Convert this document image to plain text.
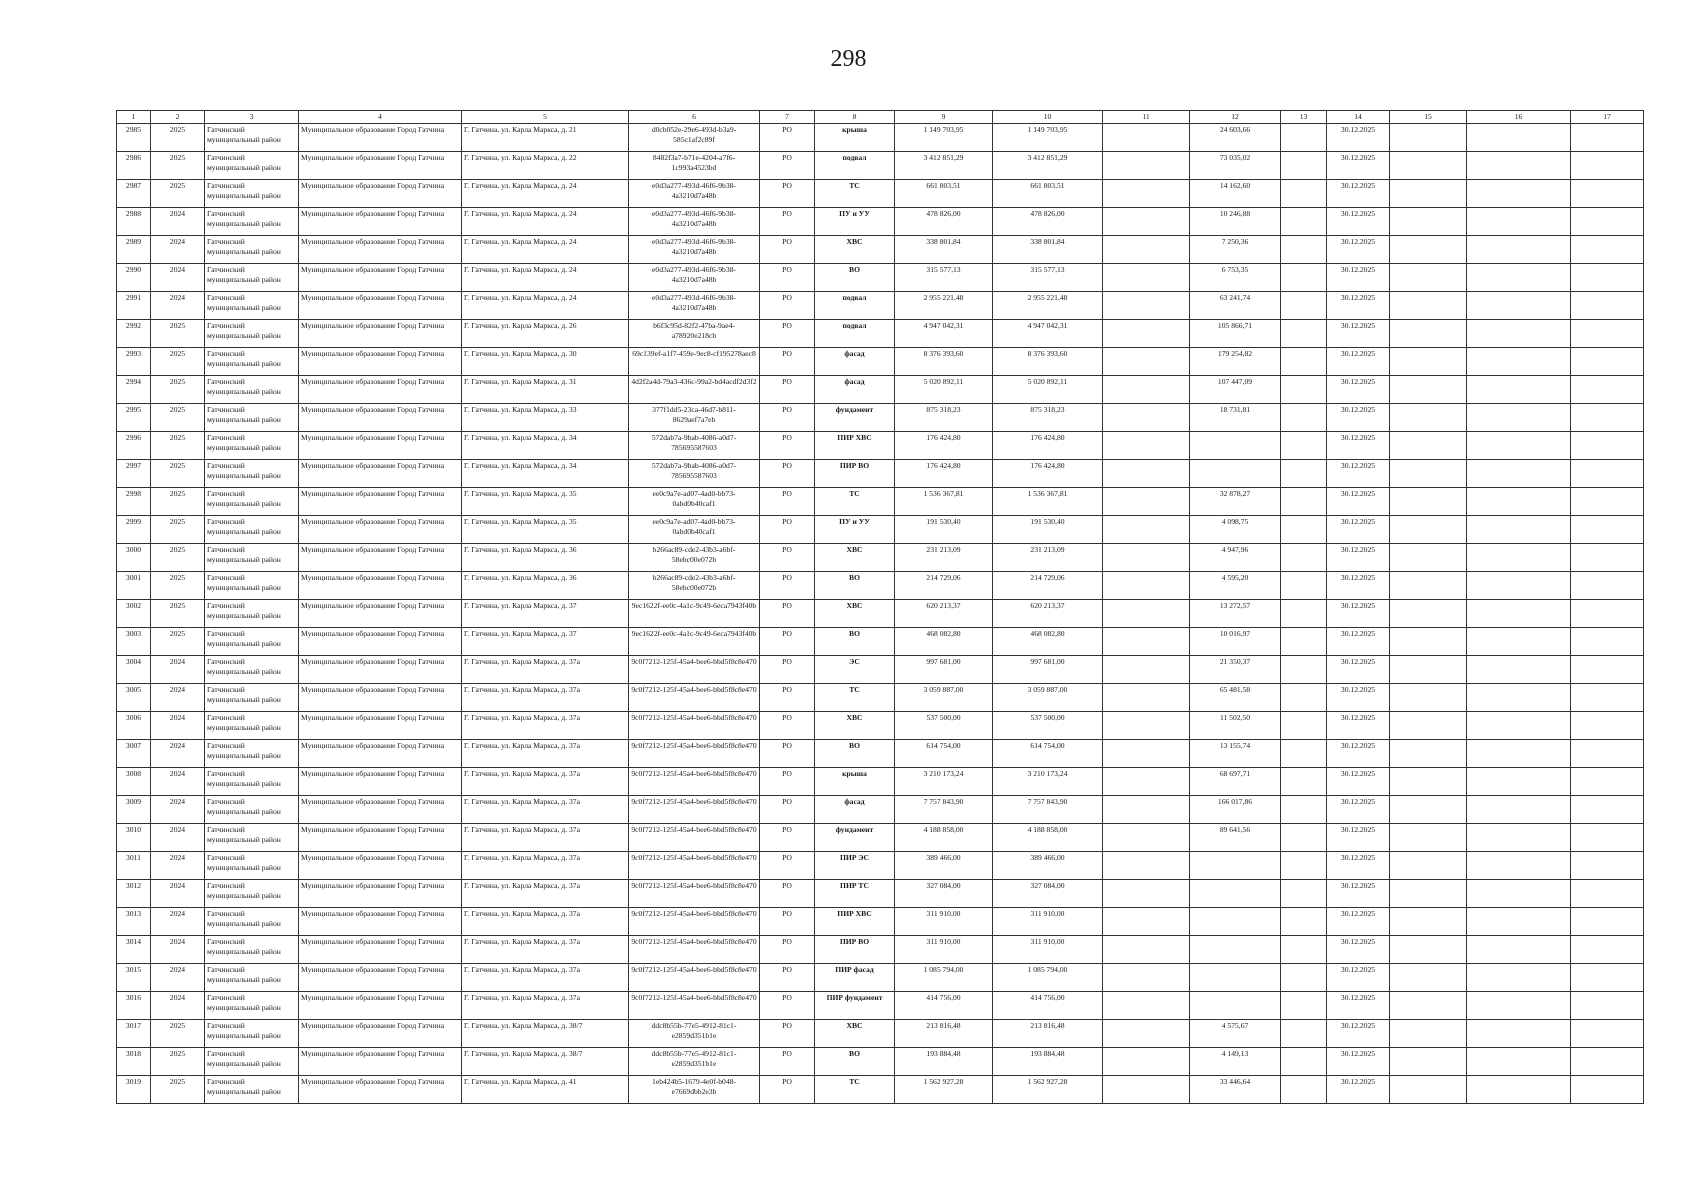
298
1	2	3	4	5	6	7	8	9	10	11	12	13	14	15	16	17
2985	2025	Гатчинский муниципальный район	Муниципальное образование Город Гатчина	Г. Гатчина, ул. Карла Маркса, д. 21	d0cb052e-29e6-493d-b3a9-585c1af2c89f	РО	крыша	1 149 703,95	1 149 703,95		24 603,66		30.12.2025			
2986	2025	Гатчинский муниципальный район	Муниципальное образование Город Гатчина	Г. Гатчина, ул. Карла Маркса, д. 22	8482f3a7-b71e-4204-a7f6-1c993a4523bd	РО	подвал	3 412 851,29	3 412 851,29		73 035,02		30.12.2025			
2987	2025	Гатчинский муниципальный район	Муниципальное образование Город Гатчина	Г. Гатчина, ул. Карла Маркса, д. 24	e0d3a277-493d-46f6-9b38-4a3210d7a48b	РО	ТС	661 803,51	661 803,51		14 162,60		30.12.2025			
2988	2024	Гатчинский муниципальный район	Муниципальное образование Город Гатчина	Г. Гатчина, ул. Карла Маркса, д. 24	e0d3a277-493d-46f6-9b38-4a3210d7a48b	РО	ПУ и УУ	478 826,00	478 826,00		10 246,88		30.12.2025			
2989	2024	Гатчинский муниципальный район	Муниципальное образование Город Гатчина	Г. Гатчина, ул. Карла Маркса, д. 24	e0d3a277-493d-46f6-9b38-4a3210d7a48b	РО	ХВС	338 801,84	338 801,84		7 250,36		30.12.2025			
2990	2024	Гатчинский муниципальный район	Муниципальное образование Город Гатчина	Г. Гатчина, ул. Карла Маркса, д. 24	e0d3a277-493d-46f6-9b38-4a3210d7a48b	РО	ВО	315 577,13	315 577,13		6 753,35		30.12.2025			
2991	2024	Гатчинский муниципальный район	Муниципальное образование Город Гатчина	Г. Гатчина, ул. Карла Маркса, д. 24	e0d3a277-493d-46f6-9b38-4a3210d7a48b	РО	подвал	2 955 221,48	2 955 221,48		63 241,74		30.12.2025			
2992	2025	Гатчинский муниципальный район	Муниципальное образование Город Гатчина	Г. Гатчина, ул. Карла Маркса, д. 26	b6f3c95d-82f2-47ba-9ae4-a78920e218cb	РО	подвал	4 947 042,31	4 947 042,31		105 866,71		30.12.2025			
2993	2025	Гатчинский муниципальный район	Муниципальное образование Город Гатчина	Г. Гатчина, ул. Карла Маркса, д. 30	69c139ef-a1f7-459e-9ec8-cf195278aec8	РО	фасад	8 376 393,60	8 376 393,60		179 254,82		30.12.2025			
2994	2025	Гатчинский муниципальный район	Муниципальное образование Город Гатчина	Г. Гатчина, ул. Карла Маркса, д. 31	4d2f2a4d-79a3-436c-99a2-bd4acdf2d3f2	РО	фасад	5 020 892,11	5 020 892,11		107 447,09		30.12.2025			
2995	2025	Гатчинский муниципальный район	Муниципальное образование Город Гатчина	Г. Гатчина, ул. Карла Маркса, д. 33	377f1dd5-23ca-46d7-b811-8629aef7a7eb	РО	фундамент	875 318,23	875 318,23		18 731,81		30.12.2025			
2996	2025	Гатчинский муниципальный район	Муниципальное образование Город Гатчина	Г. Гатчина, ул. Карла Маркса, д. 34	572dab7a-9bab-4086-a0d7-785695587603	РО	ПИР ХВС	176 424,80	176 424,80				30.12.2025			
2997	2025	Гатчинский муниципальный район	Муниципальное образование Город Гатчина	Г. Гатчина, ул. Карла Маркса, д. 34	572dab7a-9bab-4086-a0d7-785695587603	РО	ПИР ВО	176 424,80	176 424,80				30.12.2025			
2998	2025	Гатчинский муниципальный район	Муниципальное образование Город Гатчина	Г. Гатчина, ул. Карла Маркса, д. 35	ee0c9a7e-ad07-4ad0-bb73-0abd0b40caf1	РО	ТС	1 536 367,81	1 536 367,81		32 878,27		30.12.2025			
2999	2025	Гатчинский муниципальный район	Муниципальное образование Город Гатчина	Г. Гатчина, ул. Карла Маркса, д. 35	ee0c9a7e-ad07-4ad0-bb73-0abd0b40caf1	РО	ПУ и УУ	191 530,40	191 530,40		4 098,75		30.12.2025			
3000	2025	Гатчинский муниципальный район	Муниципальное образование Город Гатчина	Г. Гатчина, ул. Карла Маркса, д. 36	b266ac89-cde2-43b3-a6bf-58ebc00e072b	РО	ХВС	231 213,09	231 213,09		4 947,96		30.12.2025			
3001	2025	Гатчинский муниципальный район	Муниципальное образование Город Гатчина	Г. Гатчина, ул. Карла Маркса, д. 36	b266ac89-cde2-43b3-a6bf-58ebc00e072b	РО	ВО	214 729,06	214 729,06		4 595,20		30.12.2025			
3002	2025	Гатчинский муниципальный район	Муниципальное образование Город Гатчина	Г. Гатчина, ул. Карла Маркса, д. 37	9ec1622f-ee0c-4a1c-9c49-6eca7943f40b	РО	ХВС	620 213,37	620 213,37		13 272,57		30.12.2025			
3003	2025	Гатчинский муниципальный район	Муниципальное образование Город Гатчина	Г. Гатчина, ул. Карла Маркса, д. 37	9ec1622f-ee0c-4a1c-9c49-6eca7943f40b	РО	ВО	468 082,80	468 082,80		10 016,97		30.12.2025			
3004	2024	Гатчинский муниципальный район	Муниципальное образование Город Гатчина	Г. Гатчина, ул. Карла Маркса, д. 37а	9c0f7212-125f-45a4-bee6-bbd5f8c8e470	РО	ЭС	997 681,00	997 681,00		21 350,37		30.12.2025			
3005	2024	Гатчинский муниципальный район	Муниципальное образование Город Гатчина	Г. Гатчина, ул. Карла Маркса, д. 37а	9c0f7212-125f-45a4-bee6-bbd5f8c8e470	РО	ТС	3 059 887,00	3 059 887,00		65 481,58		30.12.2025			
3006	2024	Гатчинский муниципальный район	Муниципальное образование Город Гатчина	Г. Гатчина, ул. Карла Маркса, д. 37а	9c0f7212-125f-45a4-bee6-bbd5f8c8e470	РО	ХВС	537 500,00	537 500,00		11 502,50		30.12.2025			
3007	2024	Гатчинский муниципальный район	Муниципальное образование Город Гатчина	Г. Гатчина, ул. Карла Маркса, д. 37а	9c0f7212-125f-45a4-bee6-bbd5f8c8e470	РО	ВО	614 754,00	614 754,00		13 155,74		30.12.2025			
3008	2024	Гатчинский муниципальный район	Муниципальное образование Город Гатчина	Г. Гатчина, ул. Карла Маркса, д. 37а	9c0f7212-125f-45a4-bee6-bbd5f8c8e470	РО	крыша	3 210 173,24	3 210 173,24		68 697,71		30.12.2025			
3009	2024	Гатчинский муниципальный район	Муниципальное образование Город Гатчина	Г. Гатчина, ул. Карла Маркса, д. 37а	9c0f7212-125f-45a4-bee6-bbd5f8c8e470	РО	фасад	7 757 843,90	7 757 843,90		166 017,86		30.12.2025			
3010	2024	Гатчинский муниципальный район	Муниципальное образование Город Гатчина	Г. Гатчина, ул. Карла Маркса, д. 37а	9c0f7212-125f-45a4-bee6-bbd5f8c8e470	РО	фундамент	4 188 858,00	4 188 858,00		89 641,56		30.12.2025			
3011	2024	Гатчинский муниципальный район	Муниципальное образование Город Гатчина	Г. Гатчина, ул. Карла Маркса, д. 37а	9c0f7212-125f-45a4-bee6-bbd5f8c8e470	РО	ПИР ЭС	389 466,00	389 466,00				30.12.2025			
3012	2024	Гатчинский муниципальный район	Муниципальное образование Город Гатчина	Г. Гатчина, ул. Карла Маркса, д. 37а	9c0f7212-125f-45a4-bee6-bbd5f8c8e470	РО	ПИР ТС	327 084,00	327 084,00				30.12.2025			
3013	2024	Гатчинский муниципальный район	Муниципальное образование Город Гатчина	Г. Гатчина, ул. Карла Маркса, д. 37а	9c0f7212-125f-45a4-bee6-bbd5f8c8e470	РО	ПИР ХВС	311 910,00	311 910,00				30.12.2025			
3014	2024	Гатчинский муниципальный район	Муниципальное образование Город Гатчина	Г. Гатчина, ул. Карла Маркса, д. 37а	9c0f7212-125f-45a4-bee6-bbd5f8c8e470	РО	ПИР ВО	311 910,00	311 910,00				30.12.2025			
3015	2024	Гатчинский муниципальный район	Муниципальное образование Город Гатчина	Г. Гатчина, ул. Карла Маркса, д. 37а	9c0f7212-125f-45a4-bee6-bbd5f8c8e470	РО	ПИР фасад	1 085 794,00	1 085 794,00				30.12.2025			
3016	2024	Гатчинский муниципальный район	Муниципальное образование Город Гатчина	Г. Гатчина, ул. Карла Маркса, д. 37а	9c0f7212-125f-45a4-bee6-bbd5f8c8e470	РО	ПИР фундамент	414 756,00	414 756,00				30.12.2025			
3017	2025	Гатчинский муниципальный район	Муниципальное образование Город Гатчина	Г. Гатчина, ул. Карла Маркса, д. 38/7	ddc8b55b-77e5-4912-81c1-e2859d351b1e	РО	ХВС	213 816,48	213 816,48		4 575,67		30.12.2025			
3018	2025	Гатчинский муниципальный район	Муниципальное образование Город Гатчина	Г. Гатчина, ул. Карла Маркса, д. 38/7	ddc8b55b-77e5-4912-81c1-e2859d351b1e	РО	ВО	193 884,48	193 884,48		4 149,13		30.12.2025			
3019	2025	Гатчинский муниципальный район	Муниципальное образование Город Гатчина	Г. Гатчина, ул. Карла Маркса, д. 41	1eb424b5-1679-4e0f-b048-e7669dbb2e3b	РО	ТС	1 562 927,28	1 562 927,28		33 446,64		30.12.2025			
